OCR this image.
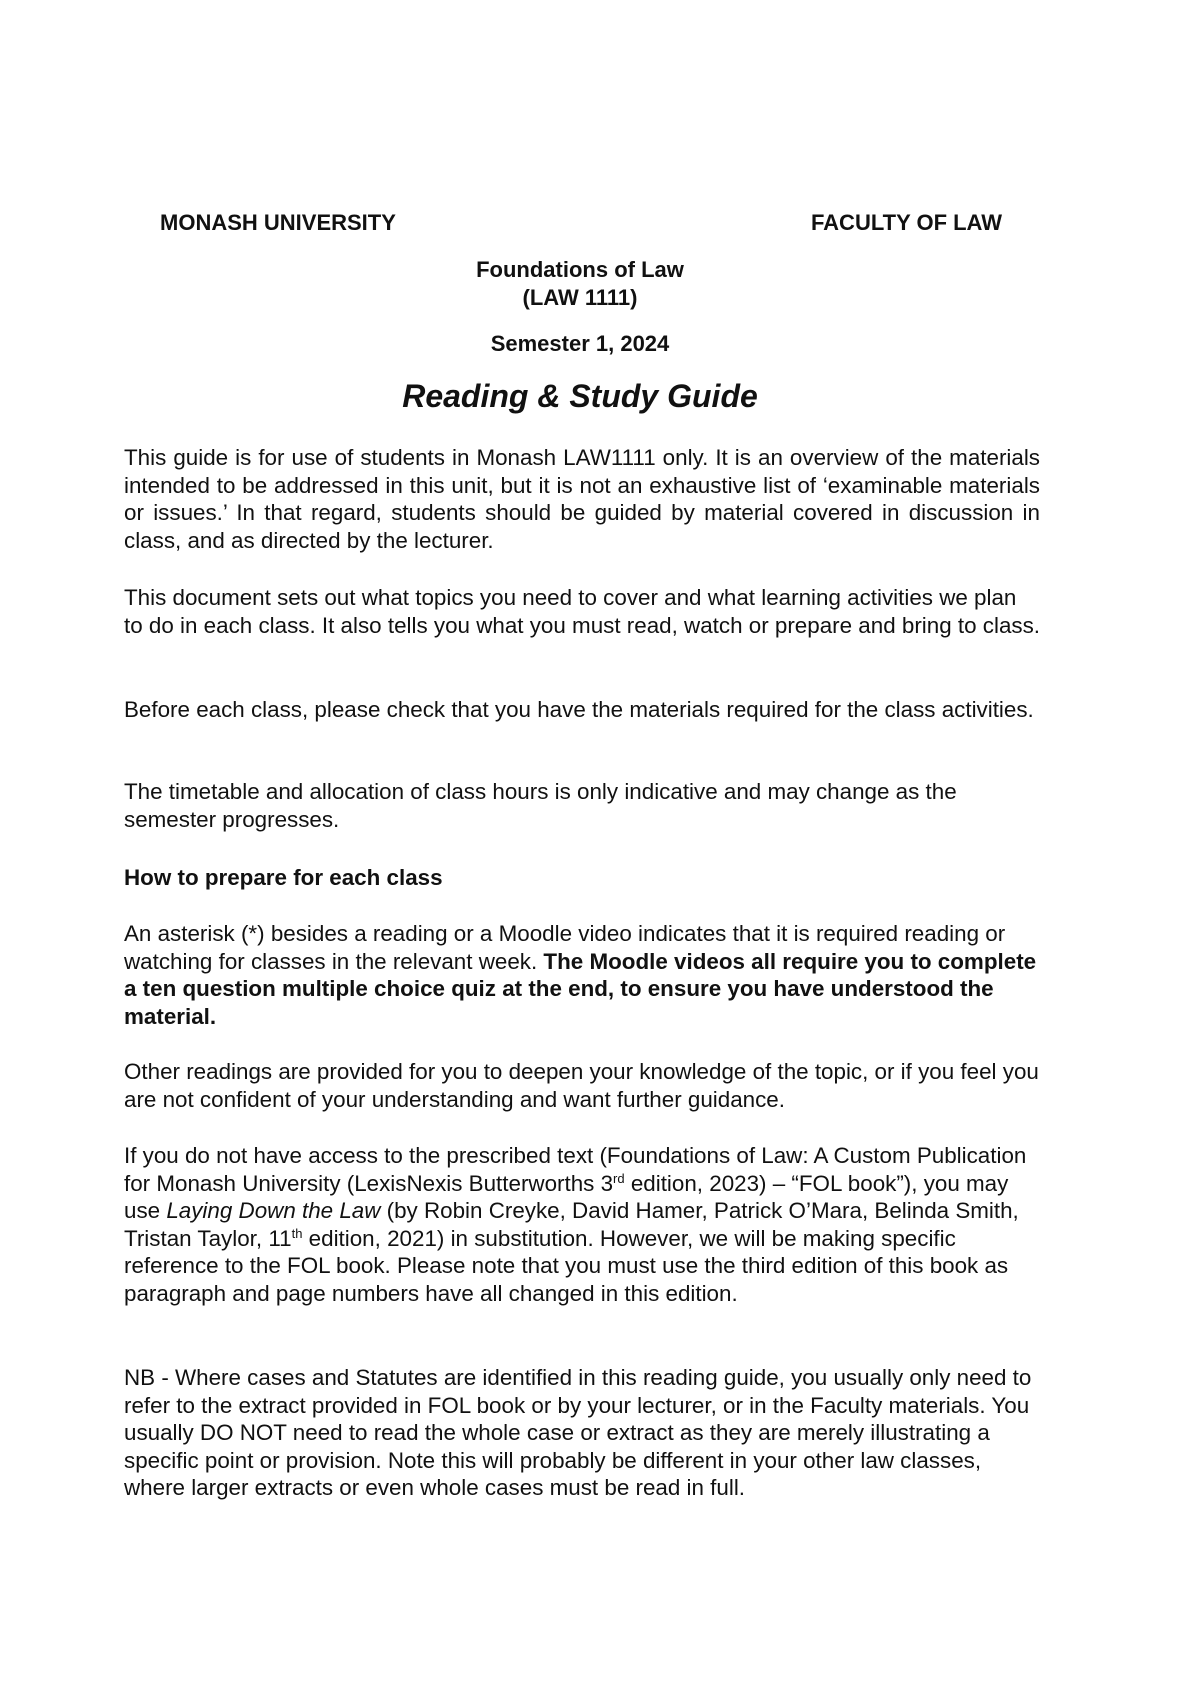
MONASH UNIVERSITY	FACULTY OF LAW
Foundations of Law
(LAW 1111)
Semester 1, 2024
Reading & Study Guide

This guide is for use of students in Monash LAW1111 only. It is an overview of the materials intended to be addressed in this unit, but it is not an exhaustive list of ‘examinable materials or issues.’ In that regard, students should be guided by material covered in discussion in class, and as directed by the lecturer.

This document sets out what topics you need to cover and what learning activities we plan to do in each class. It also tells you what you must read, watch or prepare and bring to class.

Before each class, please check that you have the materials required for the class activities.

The timetable and allocation of class hours is only indicative and may change as the semester progresses.

How to prepare for each class

An asterisk (*) besides a reading or a Moodle video indicates that it is required reading or watching for classes in the relevant week. The Moodle videos all require you to complete a ten question multiple choice quiz at the end, to ensure you have understood the material.

Other readings are provided for you to deepen your knowledge of the topic, or if you feel you are not confident of your understanding and want further guidance.

If you do not have access to the prescribed text (Foundations of Law: A Custom Publication for Monash University (LexisNexis Butterworths 3rd edition, 2023) – “FOL book”), you may use Laying Down the Law (by Robin Creyke, David Hamer, Patrick O’Mara, Belinda Smith, Tristan Taylor, 11th edition, 2021) in substitution. However, we will be making specific reference to the FOL book. Please note that you must use the third edition of this book as paragraph and page numbers have all changed in this edition.

NB - Where cases and Statutes are identified in this reading guide, you usually only need to refer to the extract provided in FOL book or by your lecturer, or in the Faculty materials. You usually DO NOT need to read the whole case or extract as they are merely illustrating a specific point or provision. Note this will probably be different in your other law classes, where larger extracts or even whole cases must be read in full.
